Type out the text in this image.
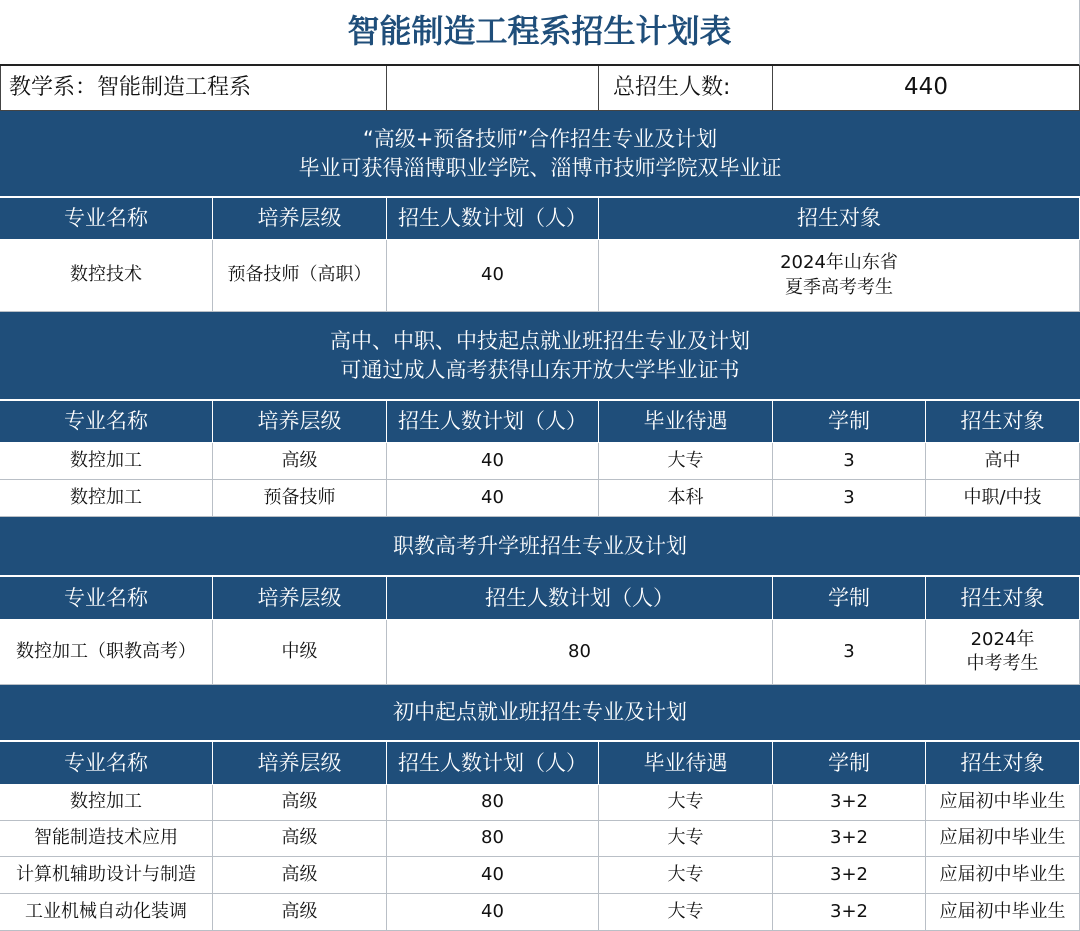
智能制造工程系招生计划表
教学系：智能制造工程系	总招生人数:	440
“高级+预备技师”合作招生专业及计划
毕业可获得淄博职业学院、淄博市技师学院双毕业证
专业名称	培养层级	招生人数计划（人）	招生对象
数控技术	预备技师（高职）	40
2024年山东省
夏季高考考生
高中、中职、中技起点就业班招生专业及计划
可通过成人高考获得山东开放大学毕业证书
专业名称	培养层级	招生人数计划（人）	毕业待遇	学制	招生对象
数控加工	高级	40	大专	3	高中
数控加工	预备技师	40	本科	3	中职/中技
职教高考升学班招生专业及计划
专业名称	培养层级	招生人数计划（人）	学制	招生对象
数控加工（职教高考）	中级	80	3
2024年
中考考生
初中起点就业班招生专业及计划
专业名称	培养层级	招生人数计划（人）	毕业待遇	学制	招生对象
数控加工	高级	80	大专	3+2	应届初中毕业生
智能制造技术应用	高级	80	大专	3+2	应届初中毕业生
计算机辅助设计与制造	高级	40	大专	3+2	应届初中毕业生
工业机械自动化装调	高级	40	大专	3+2	应届初中毕业生
